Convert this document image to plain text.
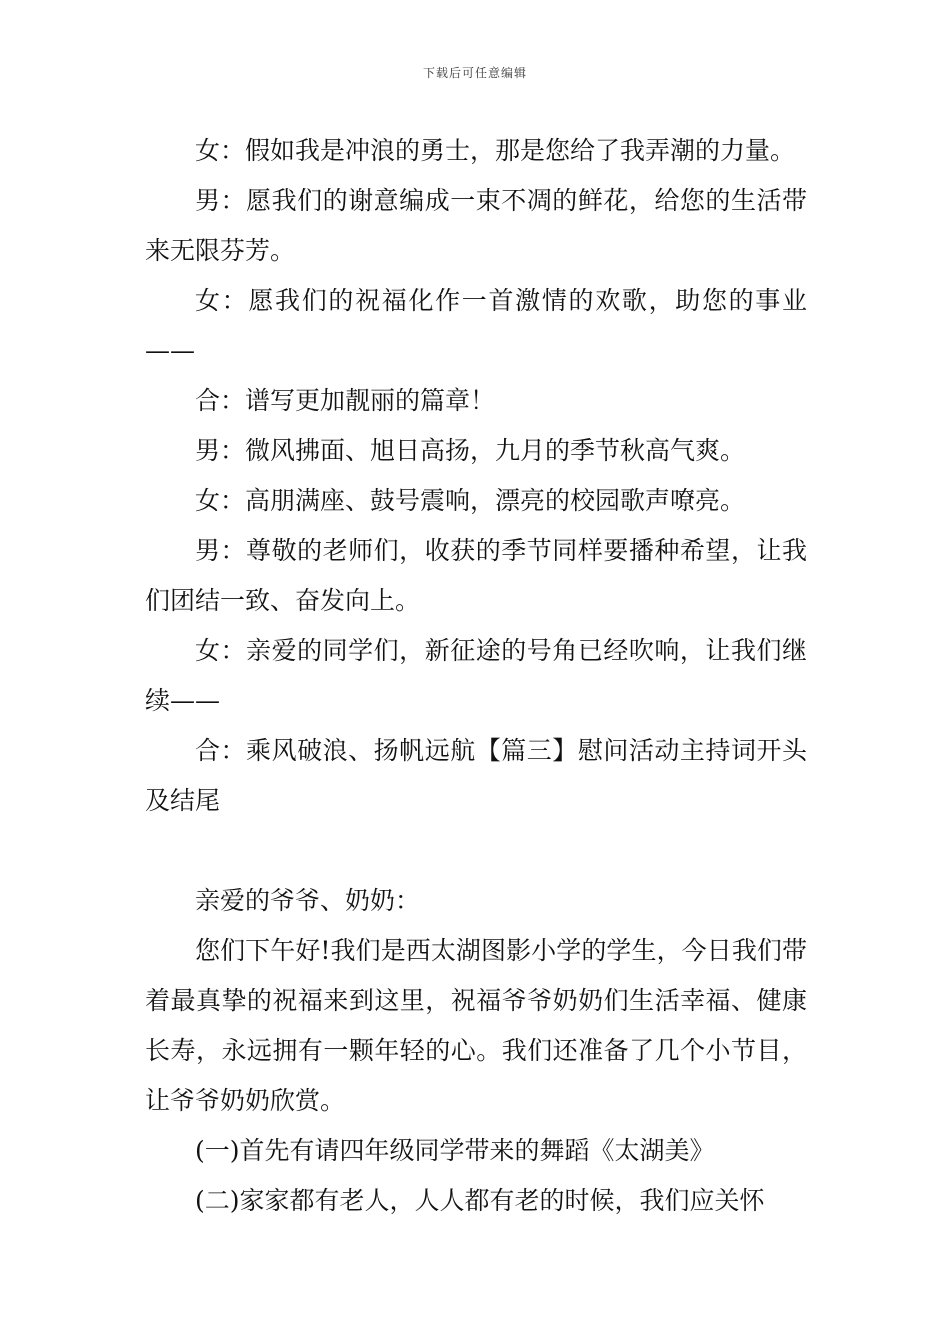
下载后可任意编辑

女：假如我是冲浪的勇士，那是您给了我弄潮的力量。

男：愿我们的谢意编成一束不凋的鲜花，给您的生活带来无限芬芳。

女：愿我们的祝福化作一首激情的欢歌，助您的事业——

合：谱写更加靓丽的篇章！

男：微风拂面、旭日高扬，九月的季节秋高气爽。

女：高朋满座、鼓号震响，漂亮的校园歌声嘹亮。

男：尊敬的老师们，收获的季节同样要播种希望，让我们团结一致、奋发向上。

女：亲爱的同学们，新征途的号角已经吹响，让我们继续——

合：乘风破浪、扬帆远航【篇三】慰问活动主持词开头及结尾

亲爱的爷爷、奶奶：

您们下午好!我们是西太湖图影小学的学生，今日我们带着最真挚的祝福来到这里，祝福爷爷奶奶们生活幸福、健康长寿，永远拥有一颗年轻的心。我们还准备了几个小节目，让爷爷奶奶欣赏。

(一)首先有请四年级同学带来的舞蹈《太湖美》

(二)家家都有老人，人人都有老的时候，我们应关怀
